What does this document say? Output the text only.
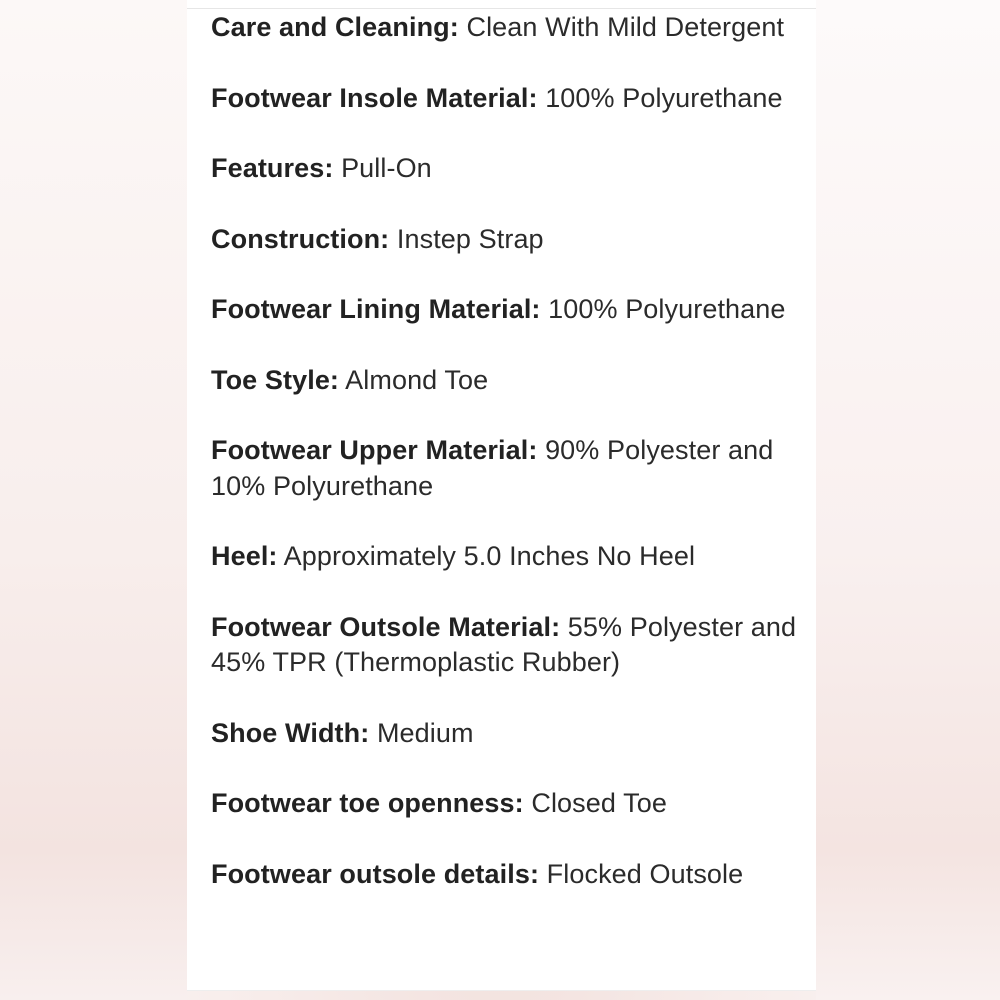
Care and Cleaning: Clean With Mild Detergent
Footwear Insole Material: 100% Polyurethane
Features: Pull-On
Construction: Instep Strap
Footwear Lining Material: 100% Polyurethane
Toe Style: Almond Toe
Footwear Upper Material: 90% Polyester and 10% Polyurethane
Heel: Approximately 5.0 Inches No Heel
Footwear Outsole Material: 55% Polyester and 45% TPR (Thermoplastic Rubber)
Shoe Width: Medium
Footwear toe openness: Closed Toe
Footwear outsole details: Flocked Outsole
